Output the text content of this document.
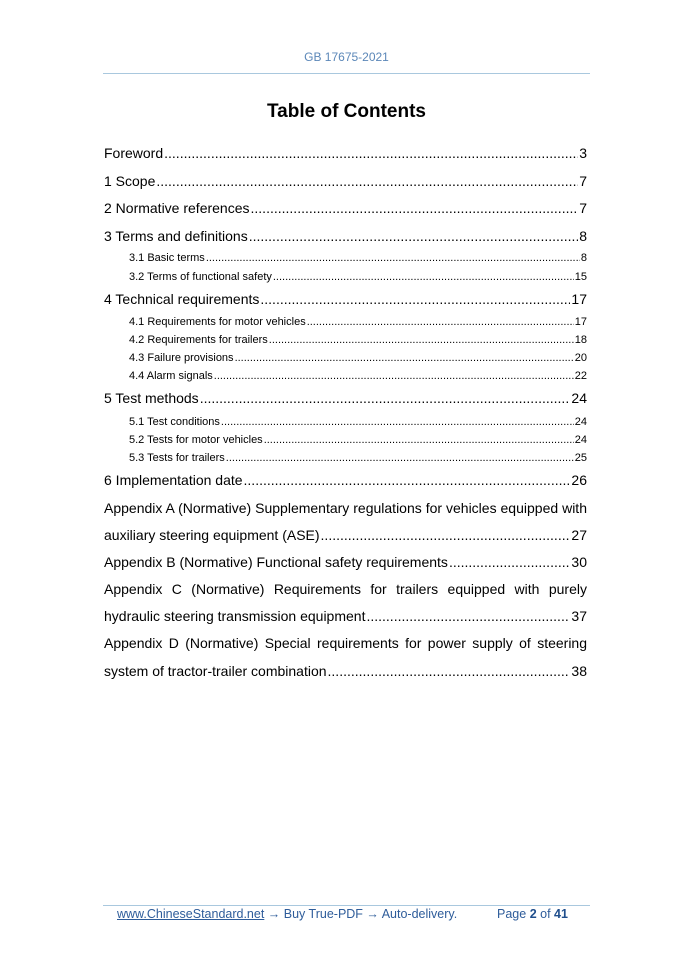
GB 17675-2021
Table of Contents
Foreword .....	3
1 Scope .....	7
2 Normative references .....	7
3 Terms and definitions .....	8
3.1 Basic terms .....	8
3.2 Terms of functional safety .....	15
4 Technical requirements .....	17
4.1 Requirements for motor vehicles .....	17
4.2 Requirements for trailers .....	18
4.3 Failure provisions .....	20
4.4 Alarm signals .....	22
5 Test methods .....	24
5.1 Test conditions .....	24
5.2 Tests for motor vehicles .....	24
5.3 Tests for trailers .....	25
6 Implementation date .....	26
Appendix A (Normative) Supplementary regulations for vehicles equipped with
auxiliary steering equipment (ASE) .....	27
Appendix B (Normative) Functional safety requirements .....	30
Appendix C (Normative) Requirements for trailers equipped with purely
hydraulic steering transmission equipment .....	37
Appendix D (Normative) Special requirements for power supply of steering
system of tractor-trailer combination .....	38
www.ChineseStandard.net → Buy True-PDF → Auto-delivery.	Page 2 of 41
